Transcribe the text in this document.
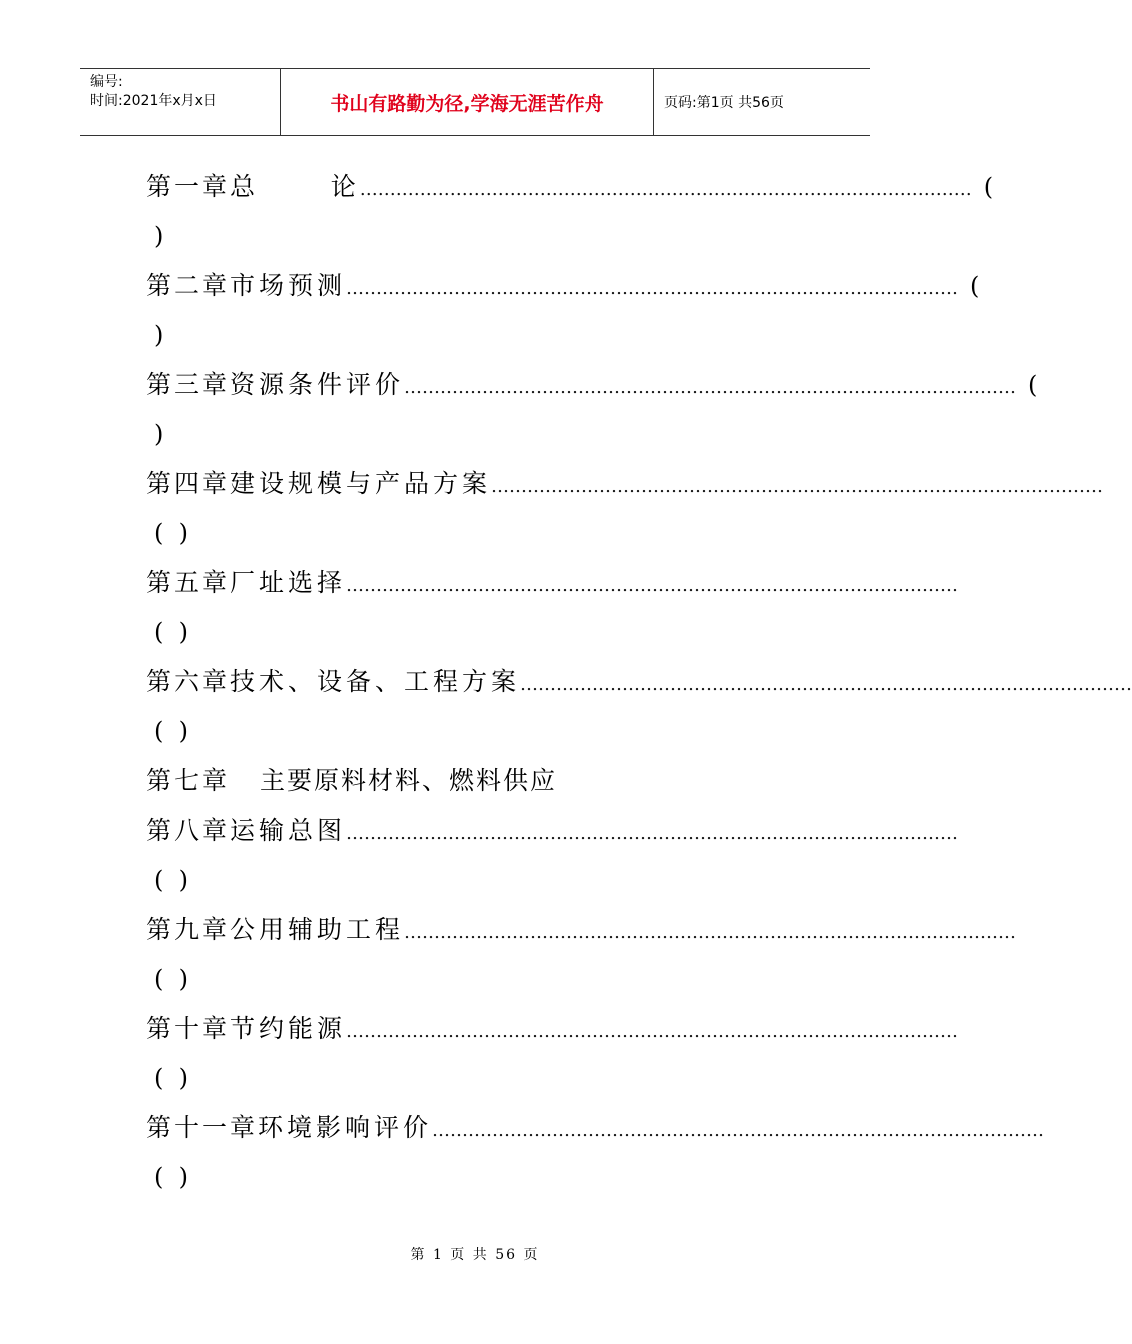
编号:
时间:2021年x月x日	书山有路勤为径,学海无涯苦作舟	页码:第1页 共56页
第一章 总      论 ………………………………………………………………………………………… (
)
第二章 市场预测 ………………………………………………………………………………………… (
)
第三章 资源条件评价 ………………………………………………………………………………………… (
)
第四章 建设规模与产品方案 …………………………………………………………………………………………
(  )
第五章 厂址选择 …………………………………………………………………………………………
(  )
第六章 技术、设备、工程方案 …………………………………………………………………………………………
(  )
第七章 主要原料材料、燃料供应
第八章 运输总图 …………………………………………………………………………………………
(  )
第九章 公用辅助工程 …………………………………………………………………………………………
(  )
第十章 节约能源 …………………………………………………………………………………………
(  )
第十一章 环境影响评价 …………………………………………………………………………………………
(  )
第 1 页 共 56 页
